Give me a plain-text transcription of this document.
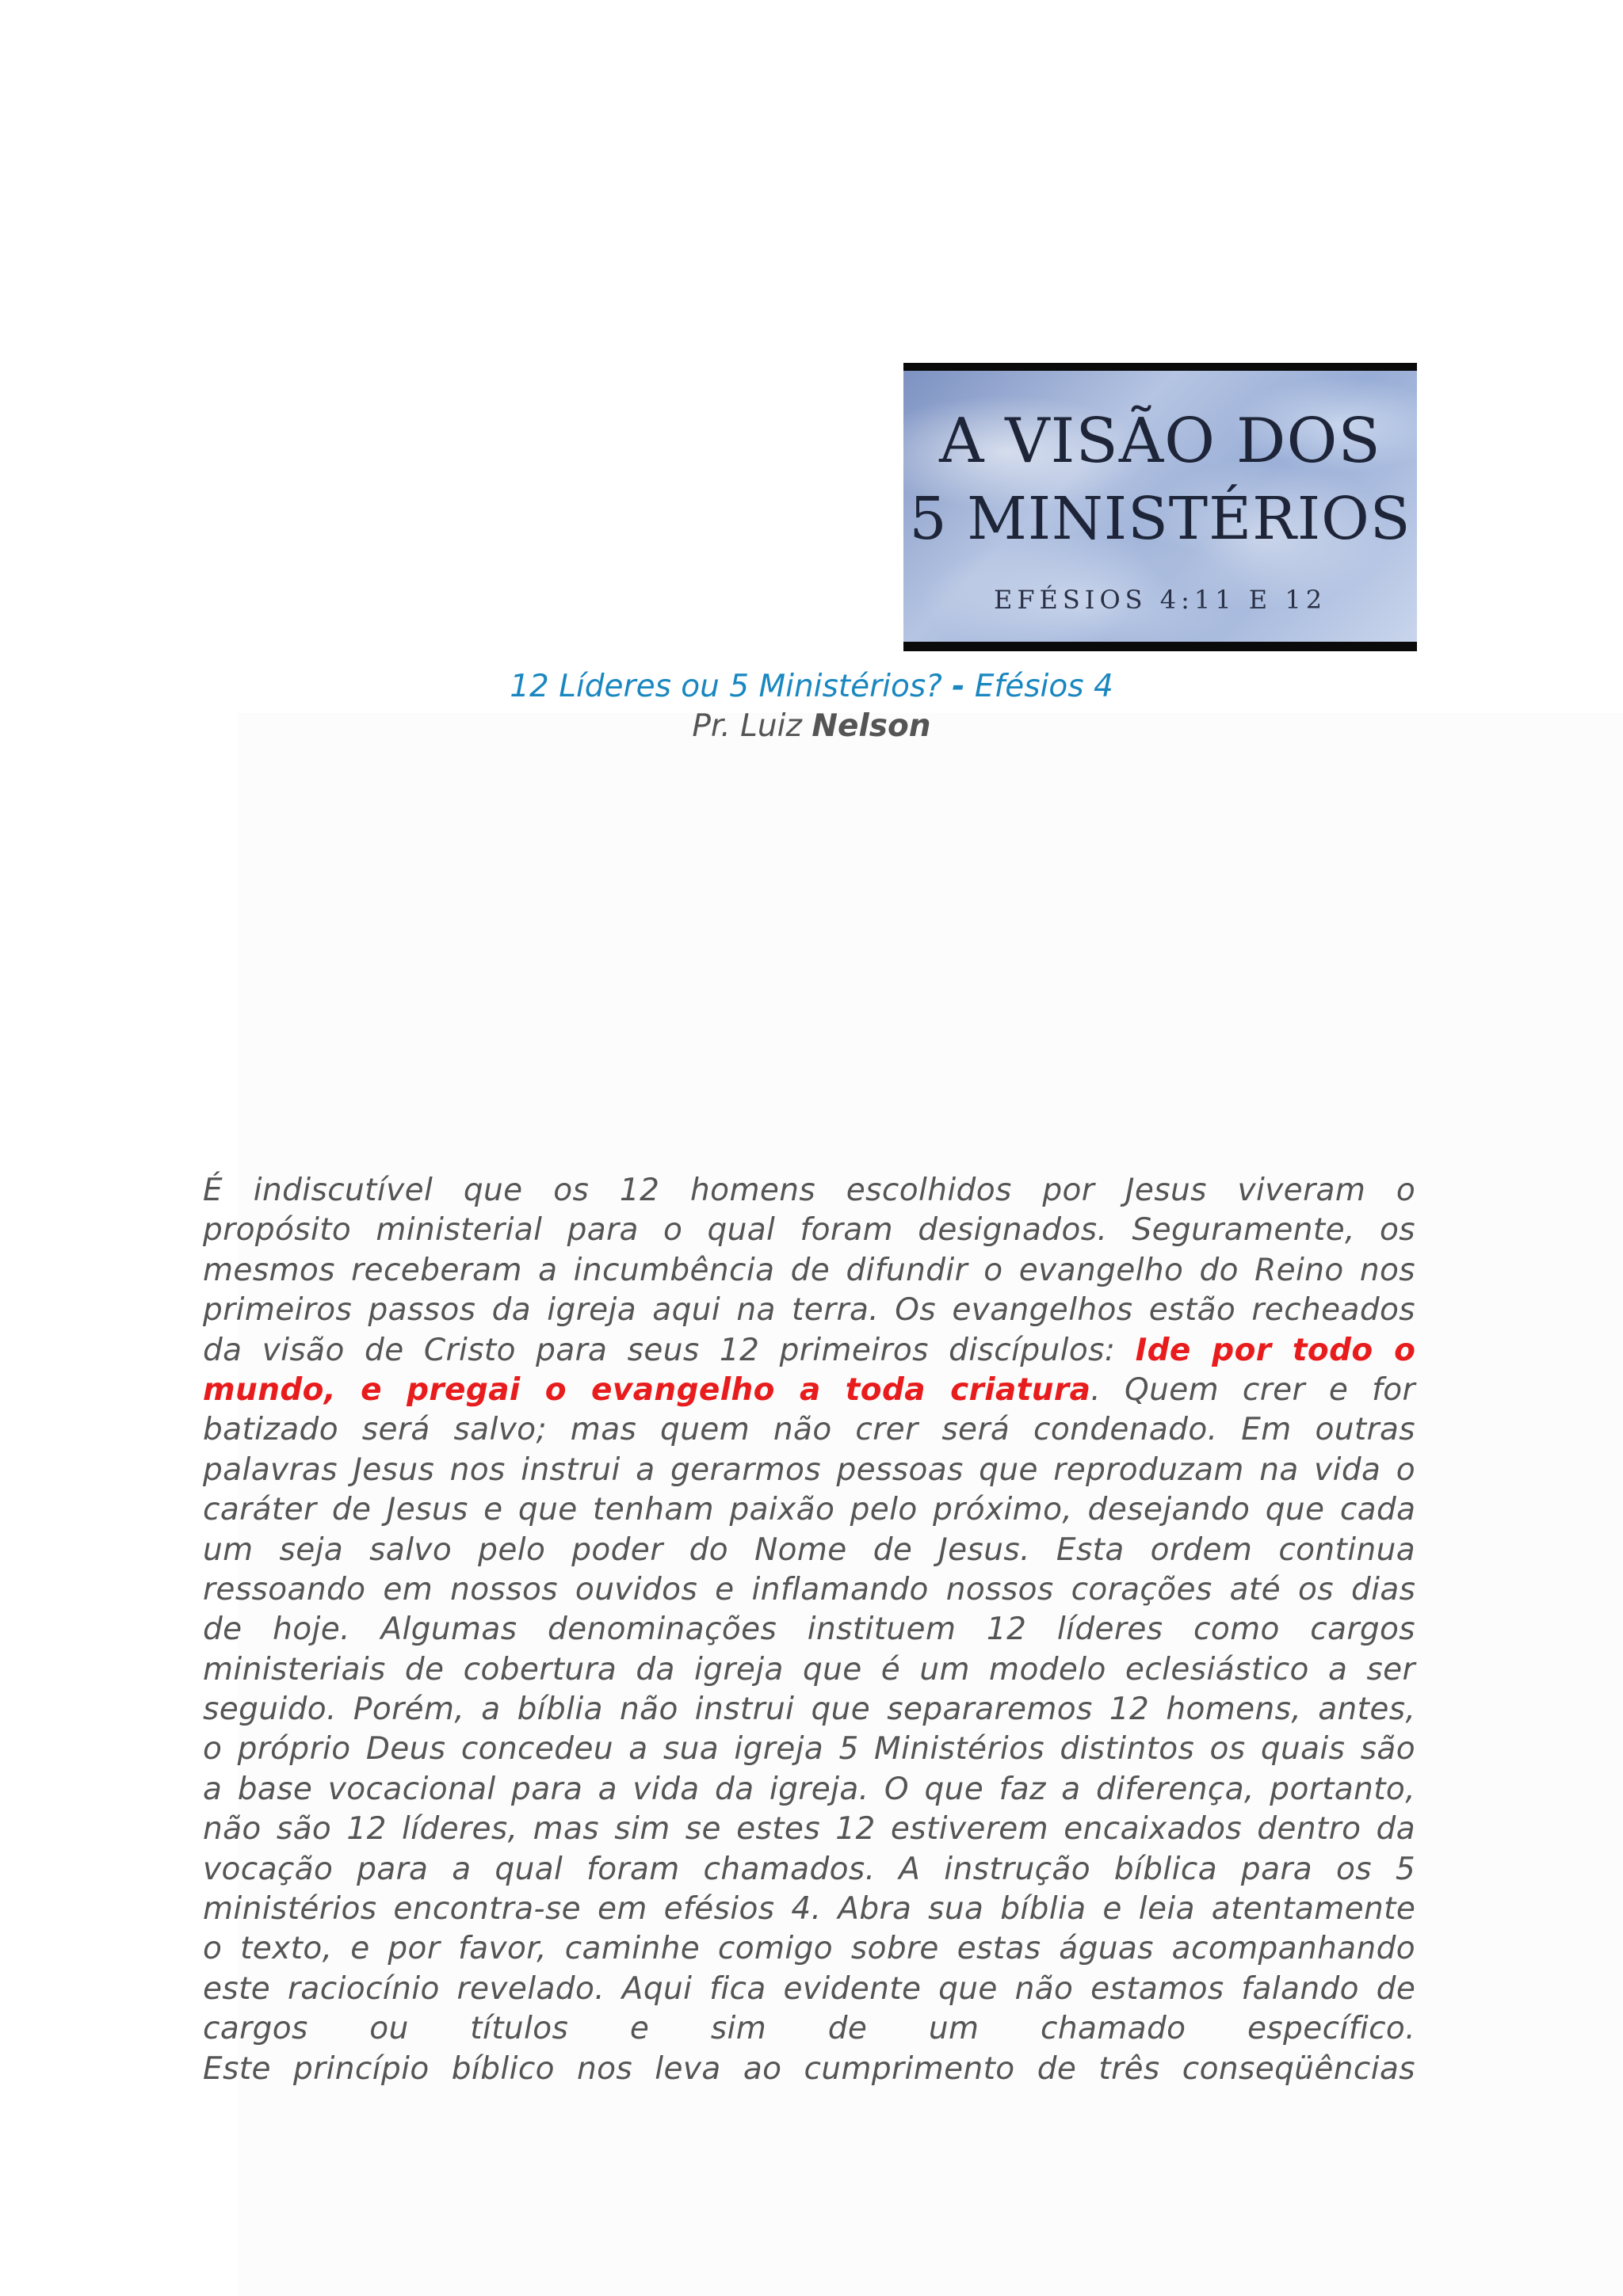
A VISÃO DOS
5 MINISTÉRIOS
EFÉSIOS 4:11 E 12
12 Líderes ou 5 Ministérios? - Efésios 4
Pr. Luiz Nelson
É indiscutível que os 12 homens escolhidos por Jesus viveram o
propósito ministerial para o qual foram designados. Seguramente, os
mesmos receberam a incumbência de difundir o evangelho do Reino nos
primeiros passos da igreja aqui na terra. Os evangelhos estão recheados
da visão de Cristo para seus 12 primeiros discípulos: Ide por todo o
mundo, e pregai o evangelho a toda criatura. Quem crer e for
batizado será salvo; mas quem não crer será condenado. Em outras
palavras Jesus nos instrui a gerarmos pessoas que reproduzam na vida o
caráter de Jesus e que tenham paixão pelo próximo, desejando que cada
um seja salvo pelo poder do Nome de Jesus. Esta ordem continua
ressoando em nossos ouvidos e inflamando nossos corações até os dias
de hoje. Algumas denominações instituem 12 líderes como cargos
ministeriais de cobertura da igreja que é um modelo eclesiástico a ser
seguido. Porém, a bíblia não instrui que separaremos 12 homens, antes,
o próprio Deus concedeu a sua igreja 5 Ministérios distintos os quais são
a base vocacional para a vida da igreja. O que faz a diferença, portanto,
não são 12 líderes, mas sim se estes 12 estiverem encaixados dentro da
vocação para a qual foram chamados. A instrução bíblica para os 5
ministérios encontra-se em efésios 4. Abra sua bíblia e leia atentamente
o texto, e por favor, caminhe comigo sobre estas águas acompanhando
este raciocínio revelado. Aqui fica evidente que não estamos falando de
cargos ou títulos e sim de um chamado específico.
Este princípio bíblico nos leva ao cumprimento de três conseqüências
